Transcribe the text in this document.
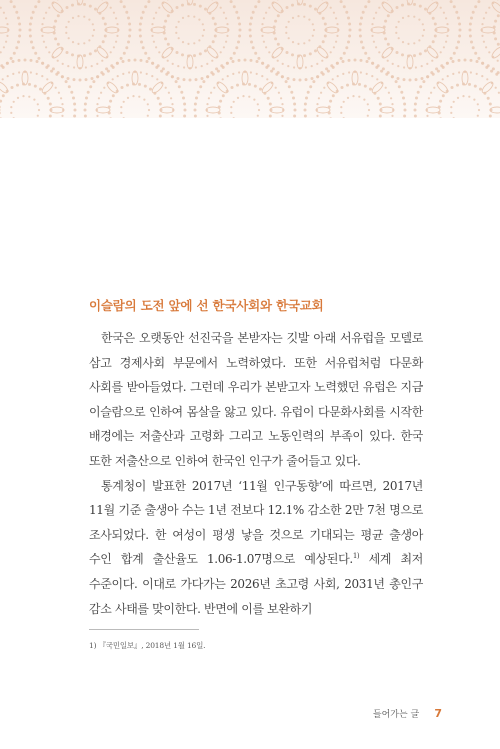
이슬람의 도전 앞에 선 한국사회와 한국교회

한국은 오랫동안 선진국을 본받자는 깃발 아래 서유럽을 모델로 삼고 경제사회 부문에서 노력하였다. 또한 서유럽처럼 다문화 사회를 받아들였다. 그런데 우리가 본받고자 노력했던 유럽은 지금 이슬람으로 인하여 몸살을 앓고 있다. 유럽이 다문화사회를 시작한 배경에는 저출산과 고령화 그리고 노동인력의 부족이 있다. 한국 또한 저출산으로 인하여 한국인 인구가 줄어들고 있다.

통계청이 발표한 2017년 ‘11월 인구동향’에 따르면, 2017년 11월 기준 출생아 수는 1년 전보다 12.1% 감소한 2만 7천 명으로 조사되었다. 한 여성이 평생 낳을 것으로 기대되는 평균 출생아 수인 합계 출산율도 1.06-1.07명으로 예상된다.$^{1)}$ 세계 최저 수준이다. 이대로 가다가는 2026년 초고령 사회, 2031년 총인구 감소 사태를 맞이한다. 반면에 이를 보완하기

1) 『국민일보』, 2018년 1월 16일.
들어가는 글 7
